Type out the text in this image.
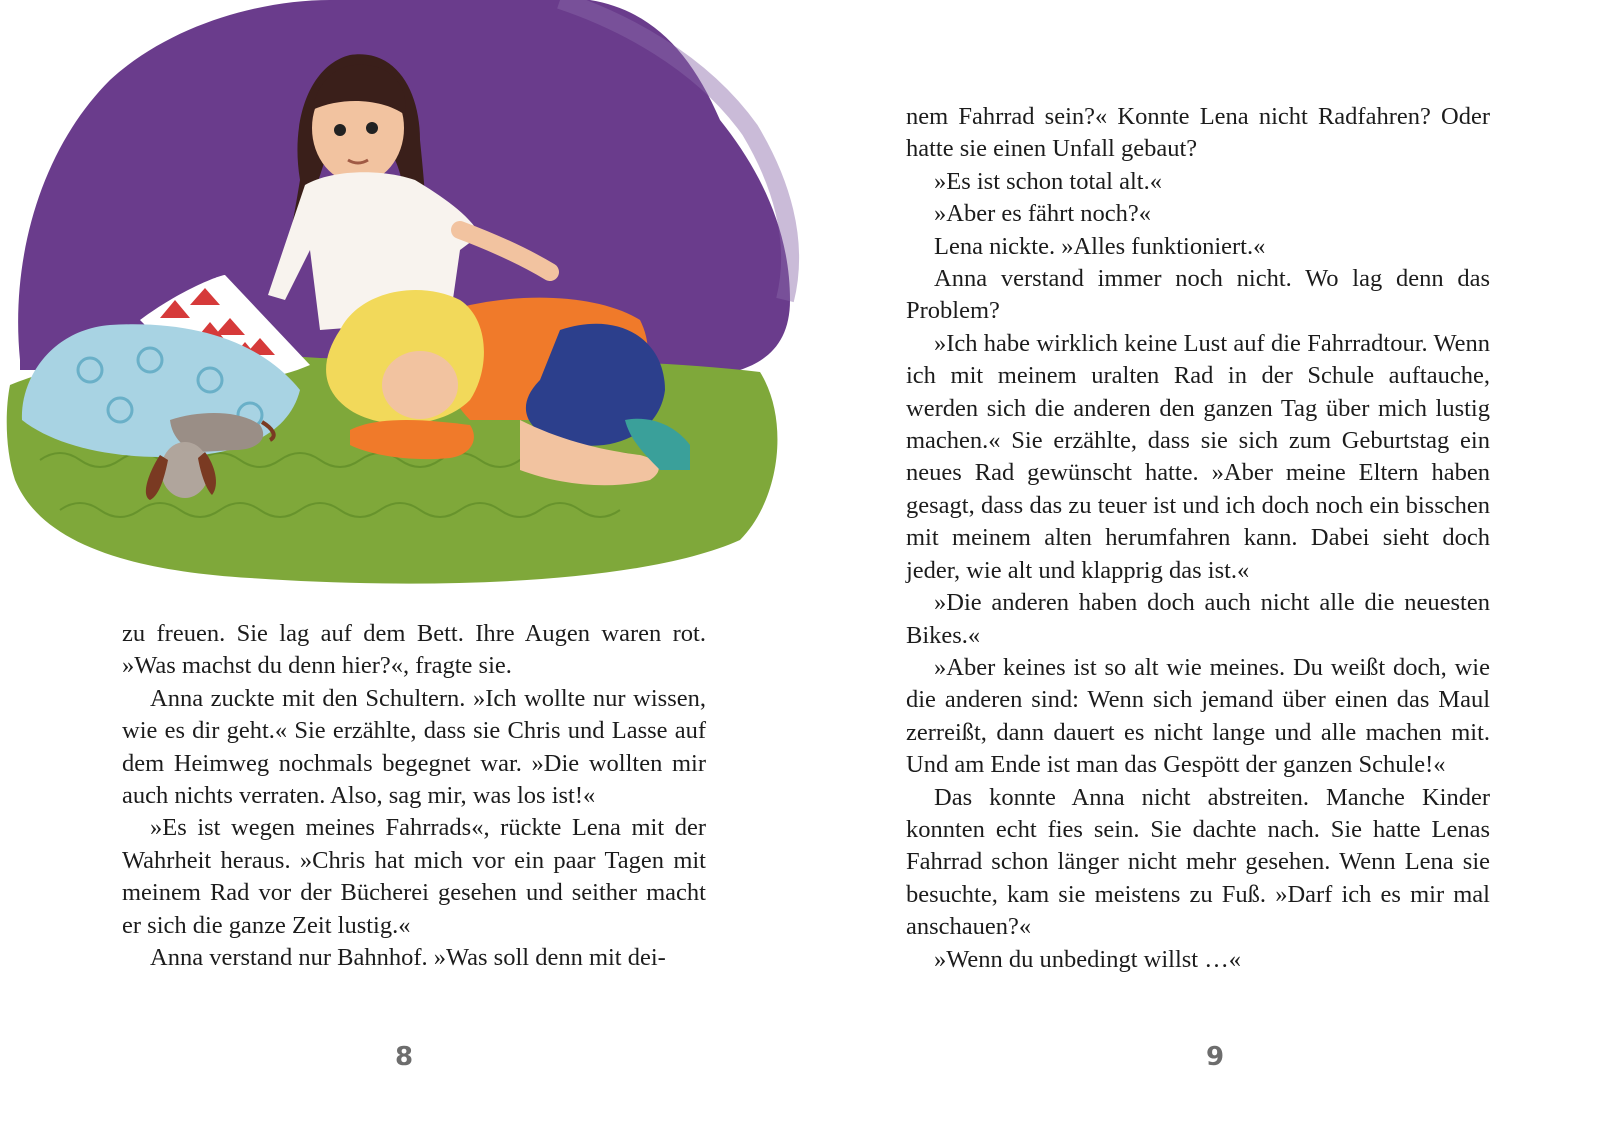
zu freuen. Sie lag auf dem Bett. Ihre Augen waren rot. »Was machst du denn hier?«, fragte sie.

Anna zuckte mit den Schultern. »Ich wollte nur wissen, wie es dir geht.« Sie erzählte, dass sie Chris und Lasse auf dem Heimweg nochmals begegnet war. »Die wollten mir auch nichts verraten. Also, sag mir, was los ist!«

»Es ist wegen meines Fahrrads«, rückte Lena mit der Wahrheit heraus. »Chris hat mich vor ein paar Tagen mit meinem Rad vor der Bücherei gesehen und seither macht er sich die ganze Zeit lustig.«

Anna verstand nur Bahnhof. »Was soll denn mit dei-

8

nem Fahrrad sein?« Konnte Lena nicht Radfahren? Oder hatte sie einen Unfall gebaut?

»Es ist schon total alt.«

»Aber es fährt noch?«

Lena nickte. »Alles funktioniert.«

Anna verstand immer noch nicht. Wo lag denn das Problem?

»Ich habe wirklich keine Lust auf die Fahrradtour. Wenn ich mit meinem uralten Rad in der Schule auftauche, werden sich die anderen den ganzen Tag über mich lustig machen.« Sie erzählte, dass sie sich zum Geburtstag ein neues Rad gewünscht hatte. »Aber meine Eltern haben gesagt, dass das zu teuer ist und ich doch noch ein bisschen mit meinem alten herumfahren kann. Dabei sieht doch jeder, wie alt und klapprig das ist.«

»Die anderen haben doch auch nicht alle die neuesten Bikes.«

»Aber keines ist so alt wie meines. Du weißt doch, wie die anderen sind: Wenn sich jemand über einen das Maul zerreißt, dann dauert es nicht lange und alle machen mit. Und am Ende ist man das Gespött der ganzen Schule!«

Das konnte Anna nicht abstreiten. Manche Kinder konnten echt fies sein. Sie dachte nach. Sie hatte Lenas Fahrrad schon länger nicht mehr gesehen. Wenn Lena sie besuchte, kam sie meistens zu Fuß. »Darf ich es mir mal anschauen?«

»Wenn du unbedingt willst …«

9
